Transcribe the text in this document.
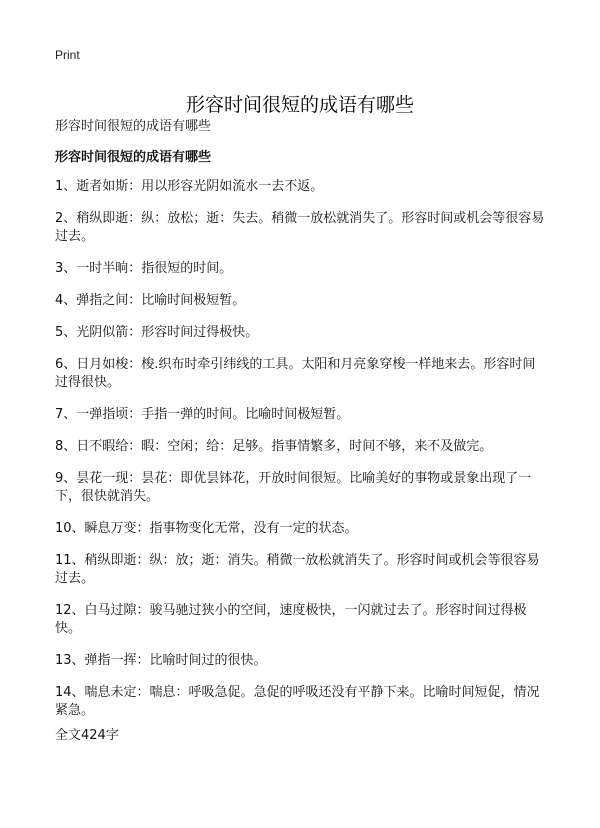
Print
形容时间很短的成语有哪些
形容时间很短的成语有哪些
形容时间很短的成语有哪些
1、逝者如斯：用以形容光阴如流水一去不返。
2、稍纵即逝：纵：放松；逝：失去。稍微一放松就消失了。形容时间或机会等很容易过去。
3、一时半晌：指很短的时间。
4、弹指之间：比喻时间极短暂。
5、光阴似箭：形容时间过得极快。
6、日月如梭：梭.织布时牵引纬线的工具。太阳和月亮象穿梭一样地来去。形容时间过得很快。
7、一弹指顷：手指一弹的时间。比喻时间极短暂。
8、日不暇给：暇：空闲；给：足够。指事情繁多，时间不够，来不及做完。
9、昙花一现：昙花：即优昙钵花，开放时间很短。比喻美好的事物或景象出现了一下，很快就消失。
10、瞬息万变：指事物变化无常，没有一定的状态。
11、稍纵即逝：纵：放；逝：消失。稍微一放松就消失了。形容时间或机会等很容易过去。
12、白马过隙：骏马驰过狭小的空间，速度极快，一闪就过去了。形容时间过得极快。
13、弹指一挥：比喻时间过的很快。
14、喘息未定：喘息：呼吸急促。急促的呼吸还没有平静下来。比喻时间短促，情况紧急。
全文424字
